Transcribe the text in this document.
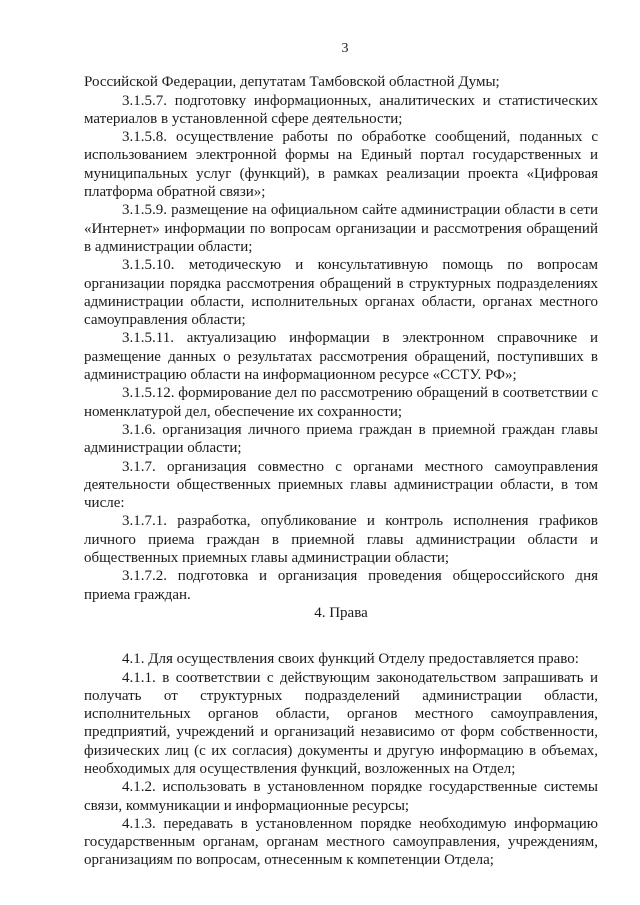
3

Российской Федерации, депутатам Тамбовской областной Думы;

3.1.5.7. подготовку информационных, аналитических и статистических материалов в установленной сфере деятельности;

3.1.5.8. осуществление работы по обработке сообщений, поданных с использованием электронной формы на Единый портал государственных и муниципальных услуг (функций), в рамках реализации проекта «Цифровая платформа обратной связи»;

3.1.5.9. размещение на официальном сайте администрации области в сети «Интернет» информации по вопросам организации и рассмотрения обращений в администрации области;

3.1.5.10. методическую и консультативную помощь по вопросам организации порядка рассмотрения обращений в структурных подразделениях администрации области, исполнительных органах области, органах местного самоуправления области;

3.1.5.11. актуализацию информации в электронном справочнике и размещение данных о результатах рассмотрения обращений, поступивших в администрацию области на информационном ресурсе «ССТУ. РФ»;

3.1.5.12. формирование дел по рассмотрению обращений в соответствии с номенклатурой дел, обеспечение их сохранности;

3.1.6. организация личного приема граждан в приемной граждан главы администрации области;

3.1.7. организация совместно с органами местного самоуправления деятельности общественных приемных главы администрации области, в том числе:

3.1.7.1. разработка, опубликование и контроль исполнения графиков личного приема граждан в приемной главы администрации области и общественных приемных главы администрации области;

3.1.7.2. подготовка и организация проведения общероссийского дня приема граждан.

4. Права

4.1. Для осуществления своих функций Отделу предоставляется право:

4.1.1. в соответствии с действующим законодательством запрашивать и получать от структурных подразделений администрации области, исполнительных органов области, органов местного самоуправления, предприятий, учреждений и организаций независимо от форм собственности, физических лиц (с их согласия) документы и другую информацию в объемах, необходимых для осуществления функций, возложенных на Отдел;

4.1.2. использовать в установленном порядке государственные системы связи, коммуникации и информационные ресурсы;

4.1.3. передавать в установленном порядке необходимую информацию государственным органам, органам местного самоуправления, учреждениям, организациям по вопросам, отнесенным к компетенции Отдела;
